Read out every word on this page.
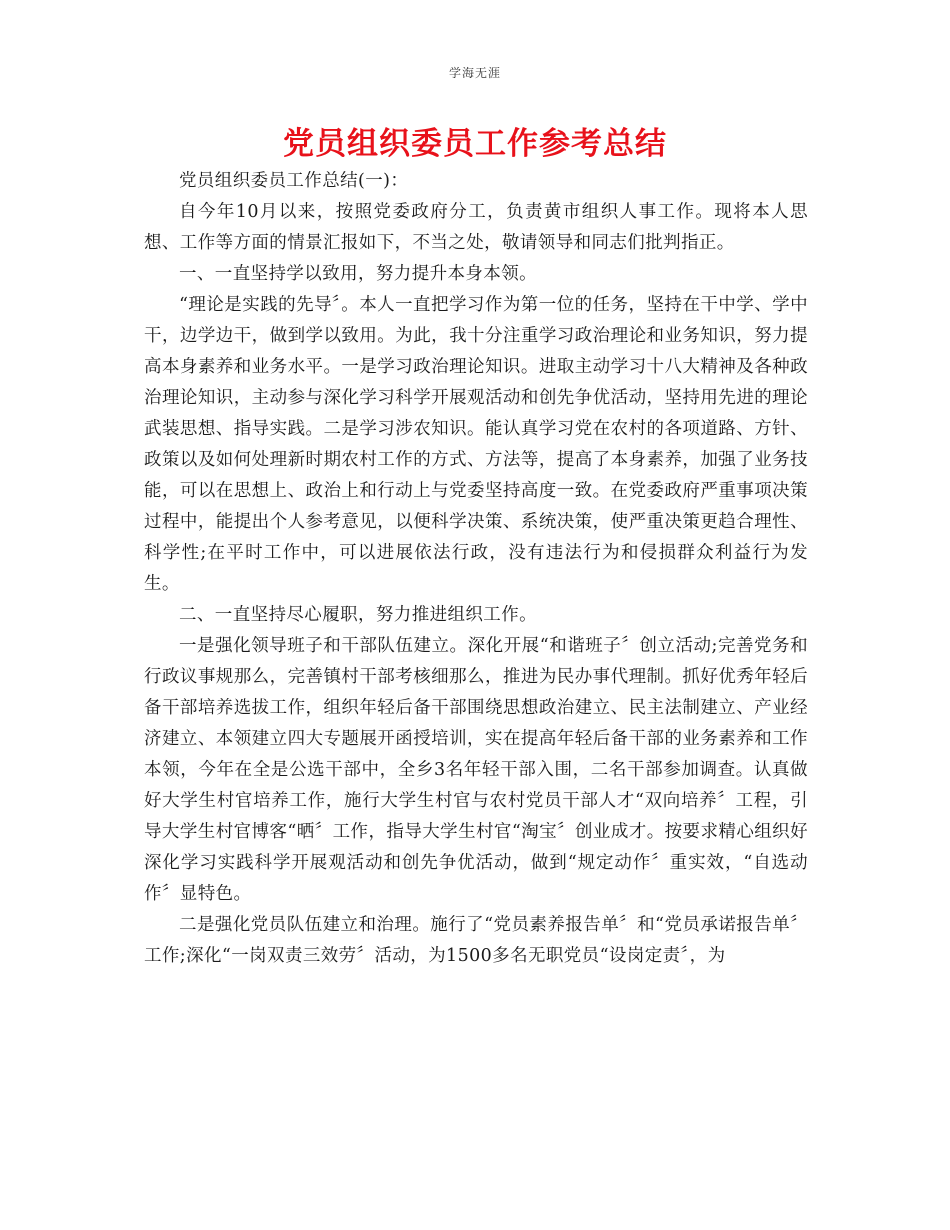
学海无涯
党员组织委员工作参考总结

党员组织委员工作总结(一)：

自今年10月以来，按照党委政府分工，负责黄市组织人事工作。现将本人思想、工作等方面的情景汇报如下，不当之处，敬请领导和同志们批判指正。

一、一直坚持学以致用，努力提升本身本领。

“理论是实践的先导〞。本人一直把学习作为第一位的任务，坚持在干中学、学中干，边学边干，做到学以致用。为此，我十分注重学习政治理论和业务知识，努力提高本身素养和业务水平。一是学习政治理论知识。进取主动学习十八大精神及各种政治理论知识，主动参与深化学习科学开展观活动和创先争优活动，坚持用先进的理论武装思想、指导实践。二是学习涉农知识。能认真学习党在农村的各项道路、方针、政策以及如何处理新时期农村工作的方式、方法等，提高了本身素养，加强了业务技能，可以在思想上、政治上和行动上与党委坚持高度一致。在党委政府严重事项决策过程中，能提出个人参考意见，以便科学决策、系统决策，使严重决策更趋合理性、科学性;在平时工作中，可以进展依法行政，没有违法行为和侵损群众利益行为发生。

二、一直坚持尽心履职，努力推进组织工作。

一是强化领导班子和干部队伍建立。深化开展“和谐班子〞创立活动;完善党务和行政议事规那么，完善镇村干部考核细那么，推进为民办事代理制。抓好优秀年轻后备干部培养选拔工作，组织年轻后备干部围绕思想政治建立、民主法制建立、产业经济建立、本领建立四大专题展开函授培训，实在提高年轻后备干部的业务素养和工作本领，今年在全是公选干部中，全乡3名年轻干部入围，二名干部参加调查。认真做好大学生村官培养工作，施行大学生村官与农村党员干部人才“双向培养〞工程，引导大学生村官博客“晒〞工作，指导大学生村官“淘宝〞创业成才。按要求精心组织好深化学习实践科学开展观活动和创先争优活动，做到“规定动作〞重实效，“自选动作〞显特色。

二是强化党员队伍建立和治理。施行了“党员素养报告单〞和“党员承诺报告单〞工作;深化“一岗双责三效劳〞活动，为1500多名无职党员“设岗定责〞，为
